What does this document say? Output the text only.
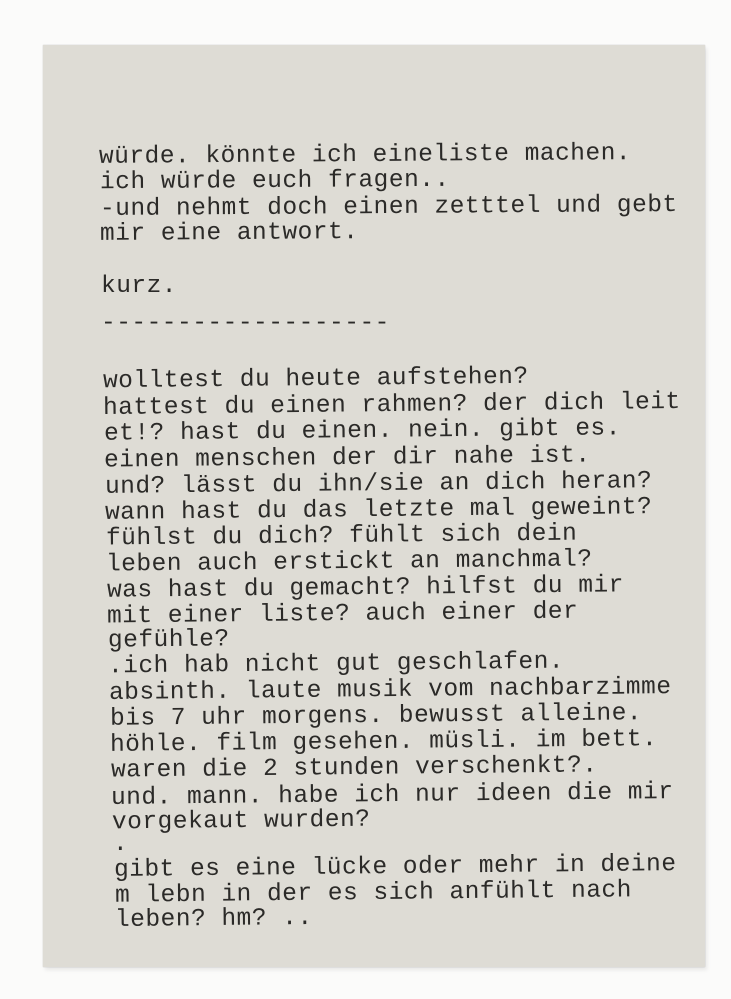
würde. könnte ich eineliste machen.
ich würde euch fragen..
-und nehmt doch einen zetttel und gebt
mir eine antwort.
kurz.
-------------------
wolltest du heute aufstehen?
hattest du einen rahmen? der dich leit
et!? hast du einen. nein. gibt es.
einen menschen der dir nahe ist.
und? lässt du ihn/sie an dich heran?
wann hast du das letzte mal geweint?
fühlst du dich? fühlt sich dein
leben auch erstickt an manchmal?
was hast du gemacht? hilfst du mir
mit einer liste? auch einer der
gefühle?
.ich hab nicht gut geschlafen.
absinth. laute musik vom nachbarzimme
bis 7 uhr morgens. bewusst alleine.
höhle. film gesehen. müsli. im bett.
waren die 2 stunden verschenkt?.
und. mann. habe ich nur ideen die mir
vorgekaut wurden?
.
gibt es eine lücke oder mehr in deine
m lebn in der es sich anfühlt nach
leben? hm? ..
